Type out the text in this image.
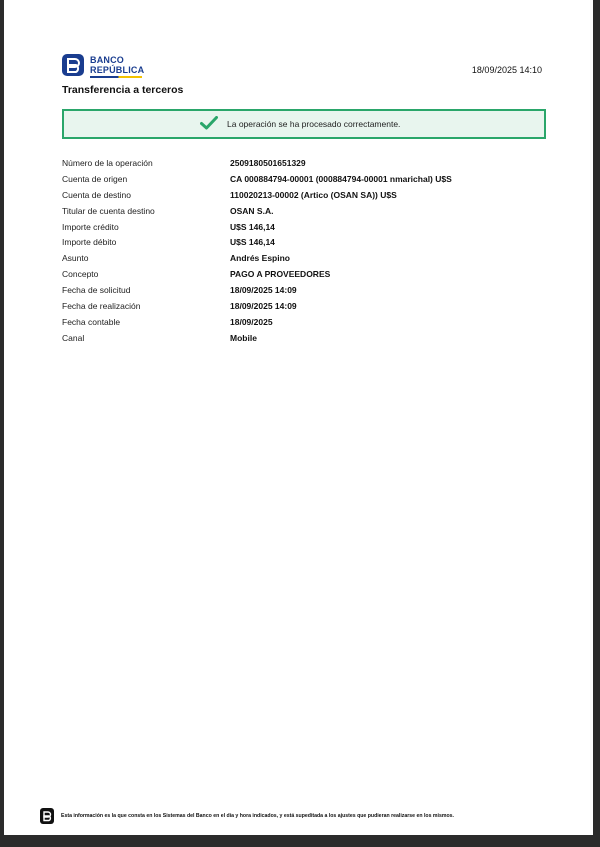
BANCO
REPÚBLICA	18/09/2025 14:10
Transferencia a terceros
La operación se ha procesado correctamente.
Número de la operación	2509180501651329
Cuenta de origen	CA 000884794-00001 (000884794-00001 nmarichal) U$S
Cuenta de destino	110020213-00002 (Artico (OSAN SA)) U$S
Titular de cuenta destino	OSAN S.A.
Importe crédito	U$S 146,14
Importe débito	U$S 146,14
Asunto	Andrés Espino
Concepto	PAGO A PROVEEDORES
Fecha de solicitud	18/09/2025 14:09
Fecha de realización	18/09/2025 14:09
Fecha contable	18/09/2025
Canal	Mobile
Esta información es la que consta en los Sistemas del Banco en el día y hora indicados, y está supeditada a los ajustes que pudieran realizarse en los mismos.
